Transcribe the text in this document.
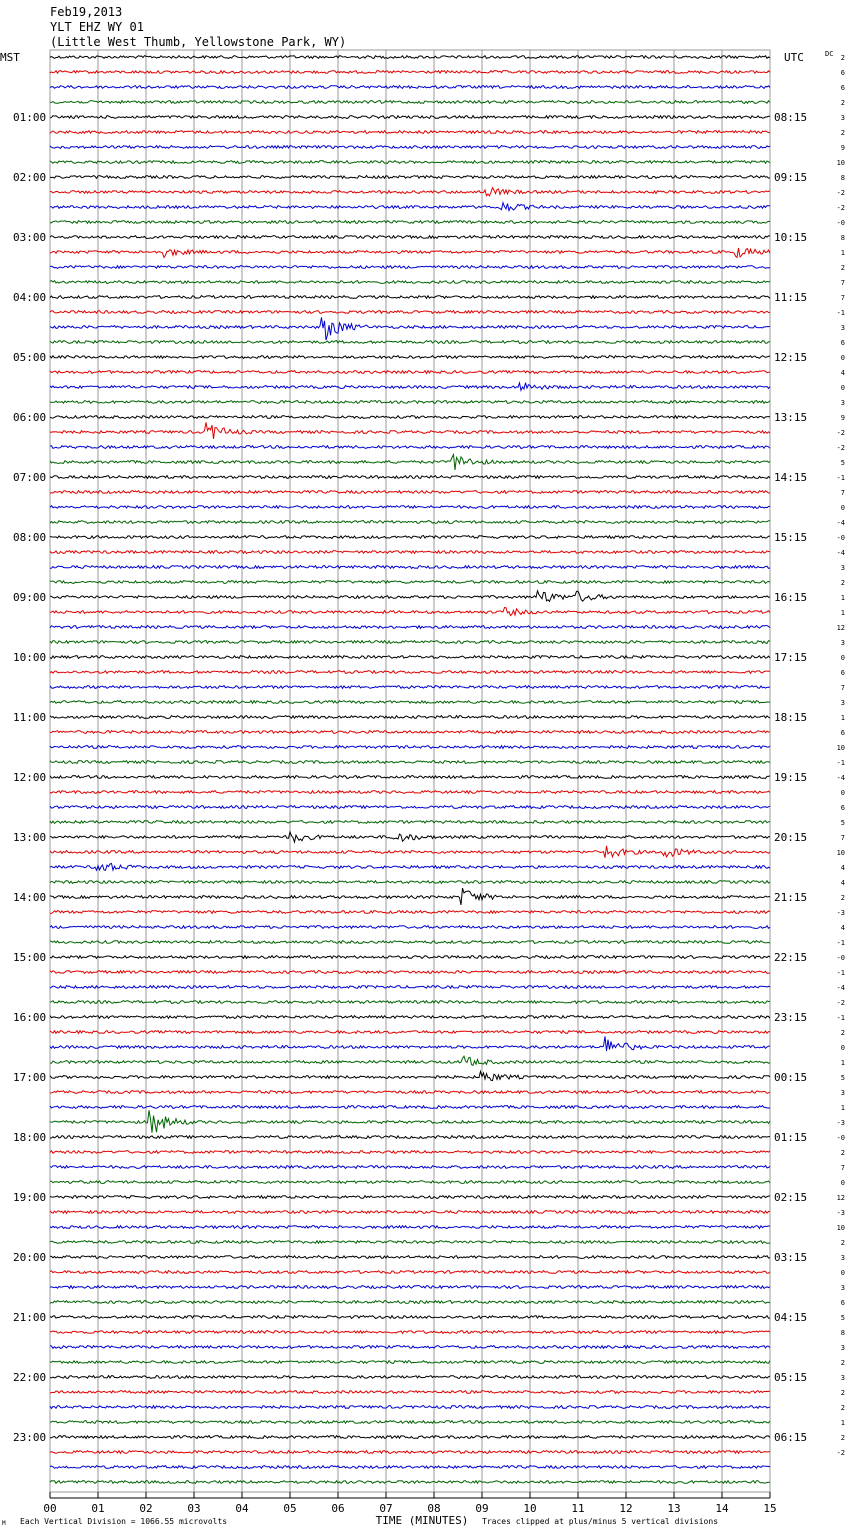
Feb19,2013
YLT EHZ WY 01
(Little West Thumb, Yellowstone Park, WY)
MST	UTC	DC
01:00
02:00
03:00
04:00
05:00
06:00
07:00
08:00
09:00
10:00
11:00
12:00
13:00
14:00
15:00
16:00
17:00
18:00
19:00
20:00
21:00
22:00
23:00
08:15
09:15
10:15
11:15
12:15
13:15
14:15
15:15
16:15
17:15
18:15
19:15
20:15
21:15
22:15
23:15
00:15
01:15
02:15
03:15
04:15
05:15
06:15
2
6
6
2
3
2
9
10
8
-2
-2
-0
8
1
2
7
7
-1
3
6
0
4
0
3
9
-2
-2
5
-1
7
0
-4
-0
-4
3
2
1
1
12
3
0
6
7
3
1
6
10
-1
-4
0
6
5
7
10
4
4
2
-3
4
-1
-0
-1
-4
-2
-1
2
0
1
5
3
1
-3
-0
2
7
0
12
-3
10
2
3
0
3
6
5
8
3
2
3
2
2
1
2
-2
00	01	02	03	04	05	06	07	08	09	10	11	12	13	14	15
TIME (MINUTES)
Each Vertical Division = 1066.55 microvolts	Traces clipped at plus/minus 5 vertical divisions
M
